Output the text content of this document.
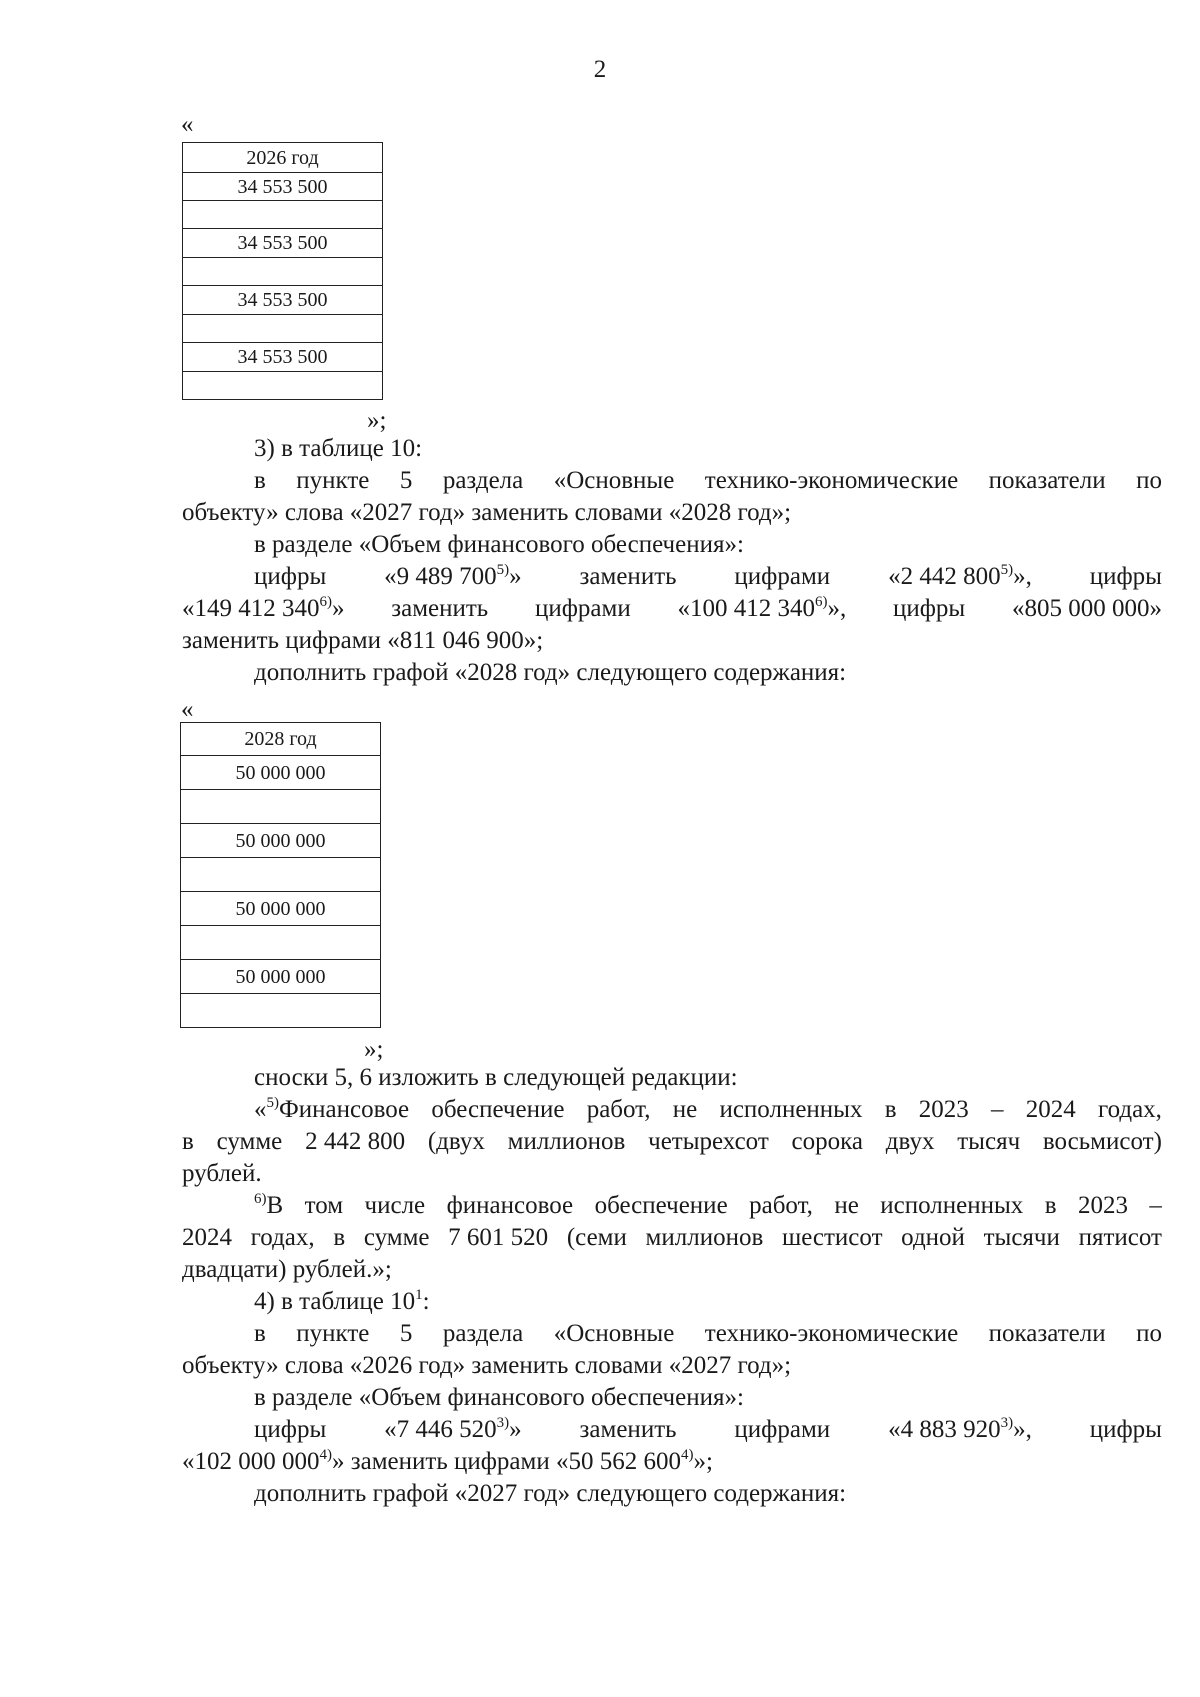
2
«
2026 год
34 553 500

34 553 500

34 553 500

34 553 500

»;
3) в таблице 10:
в пункте 5 раздела «Основные технико-экономические показатели по
объекту» слова «2027 год» заменить словами «2028 год»;
в разделе «Объем финансового обеспечения»:
цифры «9 489 700$^{5)}$» заменить цифрами «2 442 800$^{5)}$», цифры
«149 412 340$^{6)}$» заменить цифрами «100 412 340$^{6)}$», цифры «805 000 000»
заменить цифрами «811 046 900»;
дополнить графой «2028 год» следующего содержания:
«
2028 год
50 000 000

50 000 000

50 000 000

50 000 000

»;
сноски 5, 6 изложить в следующей редакции:
«$^{5)}$Финансовое обеспечение работ, не исполненных в 2023 – 2024 годах,
в сумме 2 442 800 (двух миллионов четырехсот сорока двух тысяч восьмисот)
рублей.
$^{6)}$В том числе финансовое обеспечение работ, не исполненных в 2023 –
2024 годах, в сумме 7 601 520 (семи миллионов шестисот одной тысячи пятисот
двадцати) рублей.»;
4) в таблице $10^1$:
в пункте 5 раздела «Основные технико-экономические показатели по
объекту» слова «2026 год» заменить словами «2027 год»;
в разделе «Объем финансового обеспечения»:
цифры «7 446 520$^{3)}$» заменить цифрами «4 883 920$^{3)}$», цифры
«102 000 000$^{4)}$» заменить цифрами «50 562 600$^{4)}$»;
дополнить графой «2027 год» следующего содержания:
